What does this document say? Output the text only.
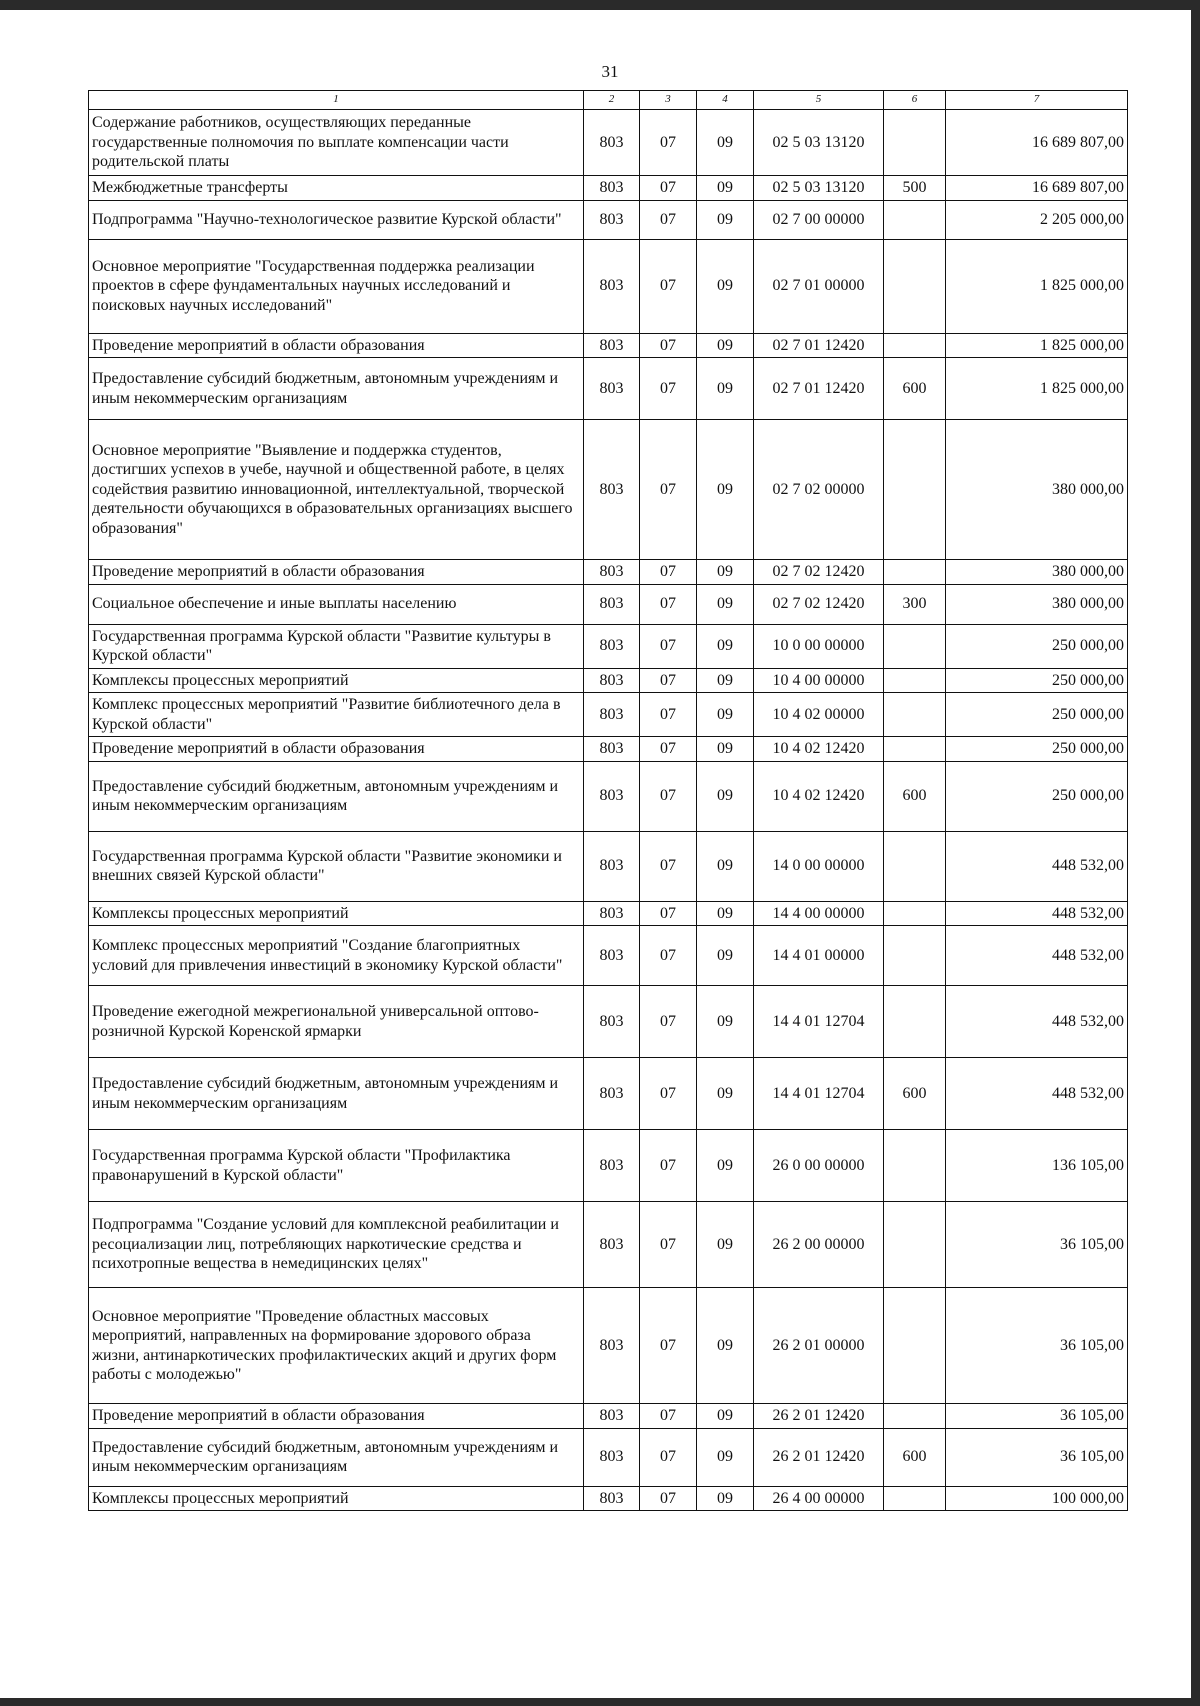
31
1	2	3	4	5	6	7
Содержание работников, осуществляющих переданные государственные полномочия по выплате компенсации части родительской платы	803	07	09	02 5 03 13120		16 689 807,00
Межбюджетные трансферты	803	07	09	02 5 03 13120	500	16 689 807,00
Подпрограмма "Научно-технологическое развитие Курской области"	803	07	09	02 7 00 00000		2 205 000,00
Основное мероприятие "Государственная поддержка реализации проектов в сфере фундаментальных научных исследований и поисковых научных исследований"	803	07	09	02 7 01 00000		1 825 000,00
Проведение мероприятий в области образования	803	07	09	02 7 01 12420		1 825 000,00
Предоставление субсидий бюджетным, автономным учреждениям и иным некоммерческим организациям	803	07	09	02 7 01 12420	600	1 825 000,00
Основное мероприятие "Выявление и поддержка студентов, достигших успехов в учебе, научной и общественной работе, в целях содействия развитию инновационной, интеллектуальной, творческой деятельности обучающихся в образовательных организациях высшего образования"	803	07	09	02 7 02 00000		380 000,00
Проведение мероприятий в области образования	803	07	09	02 7 02 12420		380 000,00
Социальное обеспечение и иные выплаты населению	803	07	09	02 7 02 12420	300	380 000,00
Государственная программа Курской области "Развитие культуры в Курской области"	803	07	09	10 0 00 00000		250 000,00
Комплексы процессных мероприятий	803	07	09	10 4 00 00000		250 000,00
Комплекс процессных мероприятий "Развитие библиотечного дела в Курской области"	803	07	09	10 4 02 00000		250 000,00
Проведение мероприятий в области образования	803	07	09	10 4 02 12420		250 000,00
Предоставление субсидий бюджетным, автономным учреждениям и иным некоммерческим организациям	803	07	09	10 4 02 12420	600	250 000,00
Государственная программа Курской области "Развитие экономики и внешних связей Курской области"	803	07	09	14 0 00 00000		448 532,00
Комплексы процессных мероприятий	803	07	09	14 4 00 00000		448 532,00
Комплекс процессных мероприятий "Создание благоприятных условий для привлечения инвестиций в экономику Курской области"	803	07	09	14 4 01 00000		448 532,00
Проведение ежегодной межрегиональной универсальной оптово-розничной Курской Коренской ярмарки	803	07	09	14 4 01 12704		448 532,00
Предоставление субсидий бюджетным, автономным учреждениям и иным некоммерческим организациям	803	07	09	14 4 01 12704	600	448 532,00
Государственная программа Курской области "Профилактика правонарушений в Курской области"	803	07	09	26 0 00 00000		136 105,00
Подпрограмма "Создание условий для комплексной реабилитации и ресоциализации лиц, потребляющих наркотические средства и психотропные вещества в немедицинских целях"	803	07	09	26 2 00 00000		36 105,00
Основное мероприятие "Проведение областных массовых мероприятий, направленных на формирование здорового образа жизни, антинаркотических профилактических акций и других форм работы с молодежью"	803	07	09	26 2 01 00000		36 105,00
Проведение мероприятий в области образования	803	07	09	26 2 01 12420		36 105,00
Предоставление субсидий бюджетным, автономным учреждениям и иным некоммерческим организациям	803	07	09	26 2 01 12420	600	36 105,00
Комплексы процессных мероприятий	803	07	09	26 4 00 00000		100 000,00
